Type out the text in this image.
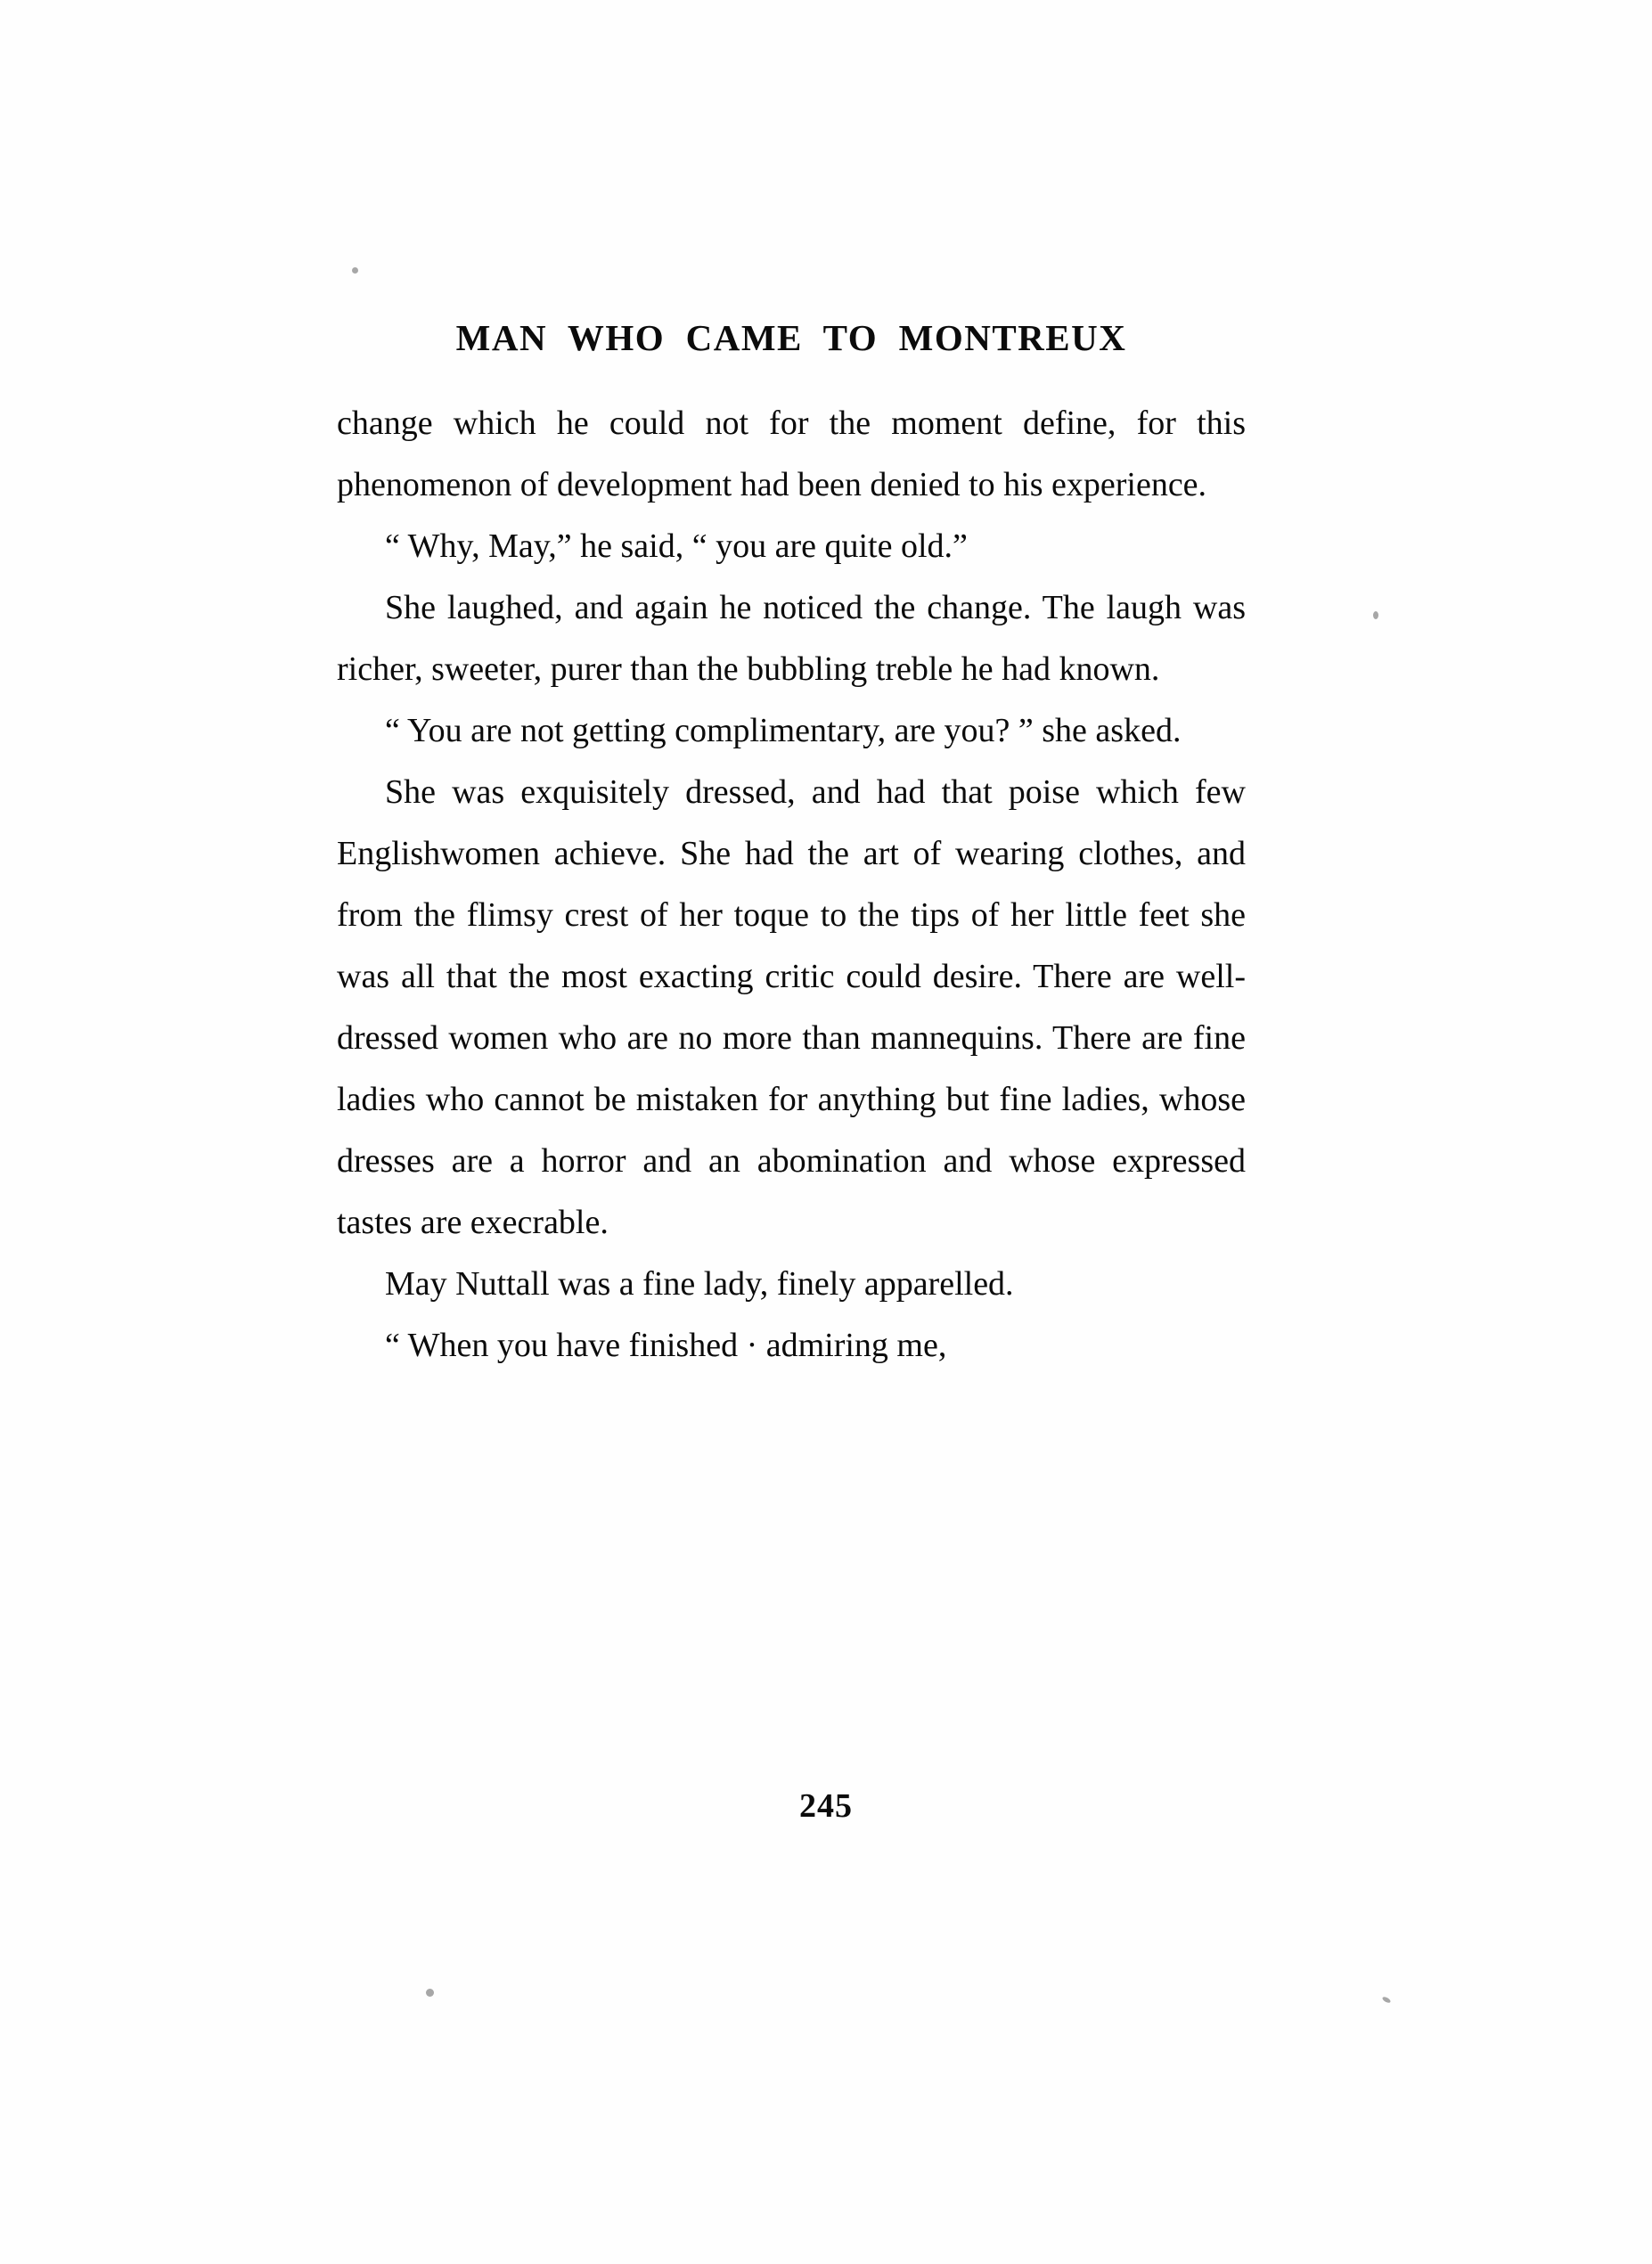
MAN  WHO  CAME  TO  MONTREUX

change which he could not for the moment define, for this phenomenon of development had been denied to his experience.

“ Why, May,” he said, “ you are quite old.”

She laughed, and again he noticed the change. The laugh was richer, sweeter, purer than the bubbling treble he had known.

“ You are not getting complimentary, are you? ” she asked.

She was exquisitely dressed, and had that poise which few Englishwomen achieve. She had the art of wearing clothes, and from the flimsy crest of her toque to the tips of her little feet she was all that the most exacting critic could desire. There are well-dressed women who are no more than mannequins. There are fine ladies who cannot be mistaken for anything but fine ladies, whose dresses are a horror and an abomination and whose expressed tastes are execrable.

May Nuttall was a fine lady, finely apparelled.

“ When you have finished · admiring me,

245
